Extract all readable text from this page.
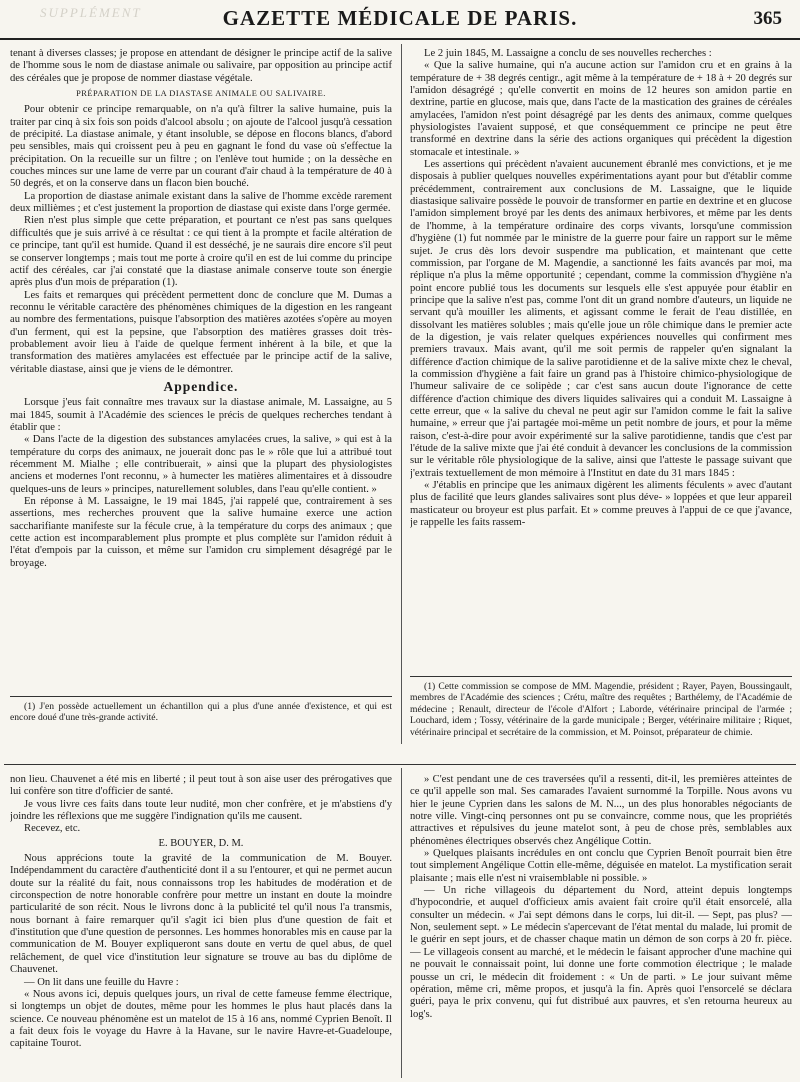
SUPPLÉMENT	GAZETTE MÉDICALE DE PARIS.	365

tenant à diverses classes; je propose en attendant de désigner le principe actif de la salive de l'homme sous le nom de diastase animale ou salivaire, par opposition au principe actif des céréales que je propose de nommer diastase végétale.

PRÉPARATION DE LA DIASTASE ANIMALE OU SALIVAIRE.

Pour obtenir ce principe remarquable, on n'a qu'à filtrer la salive humaine, puis la traiter par cinq à six fois son poids d'alcool absolu ; on ajoute de l'alcool jusqu'à cessation de précipité. La diastase animale, y étant insoluble, se dépose en flocons blancs, d'abord peu sensibles, mais qui croissent peu à peu en gagnant le fond du vase où s'effectue la précipitation. On la recueille sur un filtre ; on l'enlève tout humide ; on la dessèche en couches minces sur une lame de verre par un courant d'air chaud à la température de 40 à 50 degrés, et on la conserve dans un flacon bien bouché.

La proportion de diastase animale existant dans la salive de l'homme excède rarement deux millièmes ; et c'est justement la proportion de diastase qui existe dans l'orge germée.

Rien n'est plus simple que cette préparation, et pourtant ce n'est pas sans quelques difficultés que je suis arrivé à ce résultat : ce qui tient à la prompte et facile altération de ce principe, tant qu'il est humide. Quand il est desséché, je ne saurais dire encore s'il peut se conserver longtemps ; mais tout me porte à croire qu'il en est de lui comme du principe actif des céréales, car j'ai constaté que la diastase animale conserve toute son énergie après plus d'un mois de préparation (1).

Les faits et remarques qui précèdent permettent donc de conclure que M. Dumas a reconnu le véritable caractère des phénomènes chimiques de la digestion en les rangeant au nombre des fermentations, puisque l'absorption des matières azotées s'opère au moyen d'un ferment, qui est la pepsine, que l'absorption des matières grasses doit très-probablement avoir lieu à l'aide de quelque ferment inhérent à la bile, et que la transformation des matières amylacées est effectuée par le principe actif de la salive, véritable diastase, ainsi que je viens de le démontrer.

Appendice.

Lorsque j'eus fait connaître mes travaux sur la diastase animale, M. Lassaigne, au 5 mai 1845, soumit à l'Académie des sciences le précis de quelques recherches tendant à établir que :

« Dans l'acte de la digestion des substances amylacées crues, la salive, » qui est à la température du corps des animaux, ne jouerait donc pas le » rôle que lui a attribué tout récemment M. Mialhe ; elle contribuerait, » ainsi que la plupart des physiologistes anciens et modernes l'ont reconnu, » à humecter les matières alimentaires et à dissoudre quelques-uns de leurs » principes, naturellement solubles, dans l'eau qu'elle contient. »

En réponse à M. Lassaigne, le 19 mai 1845, j'ai rappelé que, contrairement à ses assertions, mes recherches prouvent que la salive humaine exerce une action saccharifiante manifeste sur la fécule crue, à la température du corps des animaux ; que cette action est incomparablement plus prompte et plus complète sur l'amidon réduit à l'état d'empois par la cuisson, et même sur l'amidon cru simplement désagrégé par le broyage.

(1) J'en possède actuellement un échantillon qui a plus d'une année d'existence, et qui est encore doué d'une très-grande activité.

Le 2 juin 1845, M. Lassaigne a conclu de ses nouvelles recherches :

« Que la salive humaine, qui n'a aucune action sur l'amidon cru et en grains à la température de + 38 degrés centigr., agit même à la température de + 18 à + 20 degrés sur l'amidon désagrégé ; qu'elle convertit en moins de 12 heures son amidon partie en dextrine, partie en glucose, mais que, dans l'acte de la mastication des graines de céréales amylacées, l'amidon n'est point désagrégé par les dents des animaux, comme quelques physiologistes l'avaient supposé, et que conséquemment ce principe ne peut être transformé en dextrine dans la série des actions organiques qui précèdent la digestion stomacale et intestinale. »

Les assertions qui précèdent n'avaient aucunement ébranlé mes convictions, et je me disposais à publier quelques nouvelles expérimentations ayant pour but d'établir comme précédemment, contrairement aux conclusions de M. Lassaigne, que le liquide diastasique salivaire possède le pouvoir de transformer en partie en dextrine et en glucose l'amidon simplement broyé par les dents des animaux herbivores, et même par les dents de l'homme, à la température ordinaire des corps vivants, lorsqu'une commission d'hygiène (1) fut nommée par le ministre de la guerre pour faire un rapport sur le même sujet. Je crus dès lors devoir suspendre ma publication, et maintenant que cette commission, par l'organe de M. Magendie, a sanctionné les faits avancés par moi, ma réplique n'a plus la même opportunité ; cependant, comme la commission d'hygiène n'a point encore publié tous les documents sur lesquels elle s'est appuyée pour établir en principe que la salive n'est pas, comme l'ont dit un grand nombre d'auteurs, un liquide ne servant qu'à mouiller les aliments, et agissant comme le ferait de l'eau distillée, en dissolvant les matières solubles ; mais qu'elle joue un rôle chimique dans le premier acte de la digestion, je vais relater quelques expériences nouvelles qui confirment mes premiers travaux. Mais avant, qu'il me soit permis de rappeler qu'en signalant la différence d'action chimique de la salive parotidienne et de la salive mixte chez le cheval, la commission d'hygiène a fait faire un grand pas à l'histoire chimico-physiologique de l'humeur salivaire de ce solipède ; car c'est sans aucun doute l'ignorance de cette différence d'action chimique des divers liquides salivaires qui a conduit M. Lassaigne à cette erreur, que « la salive du cheval ne peut agir sur l'amidon comme le fait la salive humaine, » erreur que j'ai partagée moi-même un petit nombre de jours, et pour la même raison, c'est-à-dire pour avoir expérimenté sur la salive parotidienne, tandis que c'est par l'étude de la salive mixte que j'ai été conduit à devancer les conclusions de la commission sur le véritable rôle physiologique de la salive, ainsi que l'atteste le passage suivant que j'extrais textuellement de mon mémoire à l'Institut en date du 31 mars 1845 :

« J'établis en principe que les animaux digèrent les aliments féculents » avec d'autant plus de facilité que leurs glandes salivaires sont plus déve- » loppées et que leur appareil masticateur ou broyeur est plus parfait. Et » comme preuves à l'appui de ce que j'avance, je rappelle les faits rassem-

(1) Cette commission se compose de MM. Magendie, président ; Rayer, Payen, Boussingault, membres de l'Académie des sciences ; Crétu, maître des requêtes ; Barthélemy, de l'Académie de médecine ; Renault, directeur de l'école d'Alfort ; Laborde, vétérinaire principal de l'armée ; Louchard, idem ; Tossy, vétérinaire de la garde municipale ; Berger, vétérinaire militaire ; Riquet, vétérinaire principal et secrétaire de la commission, et M. Poinsot, préparateur de chimie.

non lieu. Chauvenet a été mis en liberté ; il peut tout à son aise user des prérogatives que lui confère son titre d'officier de santé.

Je vous livre ces faits dans toute leur nudité, mon cher confrère, et je m'abstiens d'y joindre les réflexions que me suggère l'indignation qu'ils me causent.

Recevez, etc.

E. BOUYER, D. M.

Nous apprécions toute la gravité de la communication de M. Bouyer. Indépendamment du caractère d'authenticité dont il a su l'entourer, et qui ne permet aucun doute sur la réalité du fait, nous connaissons trop les habitudes de modération et de circonspection de notre honorable confrère pour mettre un instant en doute la moindre particularité de son récit. Nous le livrons donc à la publicité tel qu'il nous l'a transmis, nous bornant à faire remarquer qu'il s'agit ici bien plus d'une question de fait et d'institution que d'une question de personnes. Les hommes honorables mis en cause par la communication de M. Bouyer expliqueront sans doute en vertu de quel abus, de quel relâchement, de quel vice d'institution leur signature se trouve au bas du diplôme de Chauvenet.

— On lit dans une feuille du Havre :

« Nous avons ici, depuis quelques jours, un rival de cette fameuse femme électrique, si longtemps un objet de doutes, même pour les hommes le plus haut placés dans la science. Ce nouveau phénomène est un matelot de 15 à 16 ans, nommé Cyprien Benoît. Il a fait deux fois le voyage du Havre à la Havane, sur le navire Havre-et-Guadeloupe, capitaine Tourot.

» C'est pendant une de ces traversées qu'il a ressenti, dit-il, les premières atteintes de ce qu'il appelle son mal. Ses camarades l'avaient surnommé la Torpille. Nous avons vu hier le jeune Cyprien dans les salons de M. N..., un des plus honorables négociants de notre ville. Vingt-cinq personnes ont pu se convaincre, comme nous, que les propriétés attractives et répulsives du jeune matelot sont, à peu de chose près, semblables aux phénomènes électriques observés chez Angélique Cottin.

» Quelques plaisants incrédules en ont conclu que Cyprien Benoît pourrait bien être tout simplement Angélique Cottin elle-même, déguisée en matelot. La mystification serait plaisante ; mais elle n'est ni vraisemblable ni possible. »

— Un riche villageois du département du Nord, atteint depuis longtemps d'hypocondrie, et auquel d'officieux amis avaient fait croire qu'il était ensorcelé, alla consulter un médecin. « J'ai sept démons dans le corps, lui dit-il. — Sept, pas plus? — Non, seulement sept. » Le médecin s'apercevant de l'état mental du malade, lui promit de le guérir en sept jours, et de chasser chaque matin un démon de son corps à 20 fr. pièce. — Le villageois consent au marché, et le médecin le faisant approcher d'une machine qui ne pouvait le connaissait point, lui donne une forte commotion électrique ; le malade pousse un cri, le médecin dit froidement : « Un de parti. » Le jour suivant même opération, même cri, même propos, et jusqu'à la fin. Après quoi l'ensorcelé se déclara guéri, paya le prix convenu, qui fut distribué aux pauvres, et s'en retourna heureux au log's.
